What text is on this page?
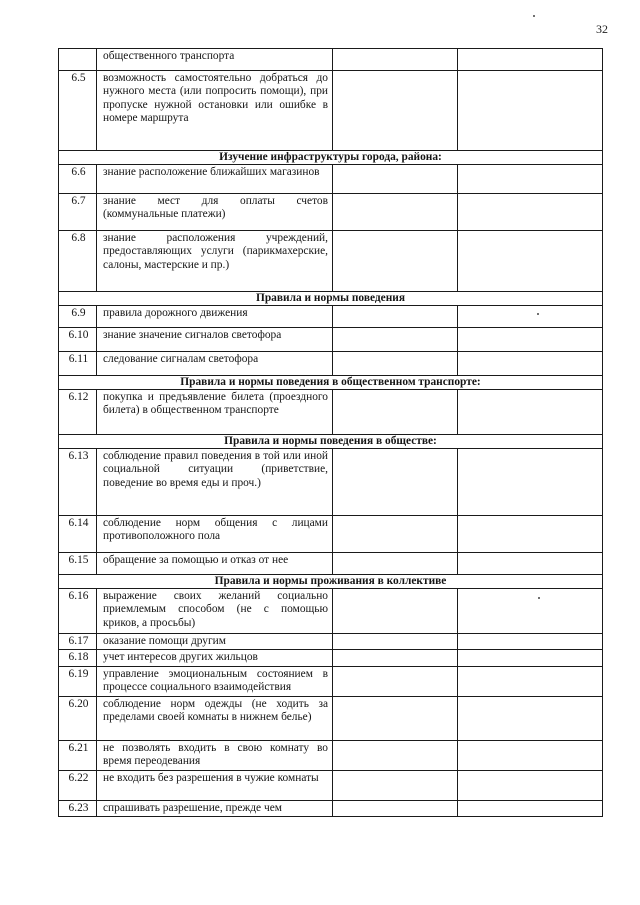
32
	общественного транспорта		
6.5	возможность самостоятельно добраться до нужного места (или попросить помощи), при пропуске нужной остановки или ошибке в номере маршрута		
Изучение инфраструктуры города, района:			
6.6	знание расположение ближайших магазинов		
6.7	знание мест для оплаты счетов (коммунальные платежи)		
6.8	знание расположения учреждений, предоставляющих услуги (парикмахерские, салоны, мастерские и пр.)		
Правила и нормы поведения			
6.9	правила дорожного движения		
6.10	знание значение сигналов светофора		
6.11	следование сигналам светофора		
Правила и нормы поведения в общественном транспорте:			
6.12	покупка и предъявление билета (проездного билета) в общественном транспорте		
Правила и нормы поведения в обществе:			
6.13	соблюдение правил поведения в той или иной социальной ситуации (приветствие, поведение во время еды и проч.)		
6.14	соблюдение норм общения с лицами противоположного пола		
6.15	обращение за помощью и отказ от нее		
Правила и нормы проживания в коллективе			
6.16	выражение своих желаний социально приемлемым способом (не с помощью криков, а просьбы)		
6.17	оказание помощи другим		
6.18	учет интересов других жильцов		
6.19	управление эмоциональным состоянием в процессе социального взаимодействия		
6.20	соблюдение норм одежды (не ходить за пределами своей комнаты в нижнем белье)		
6.21	не позволять входить в свою комнату во время переодевания		
6.22	не входить без разрешения в чужие комнаты		
6.23	спрашивать разрешение, прежде чем		
